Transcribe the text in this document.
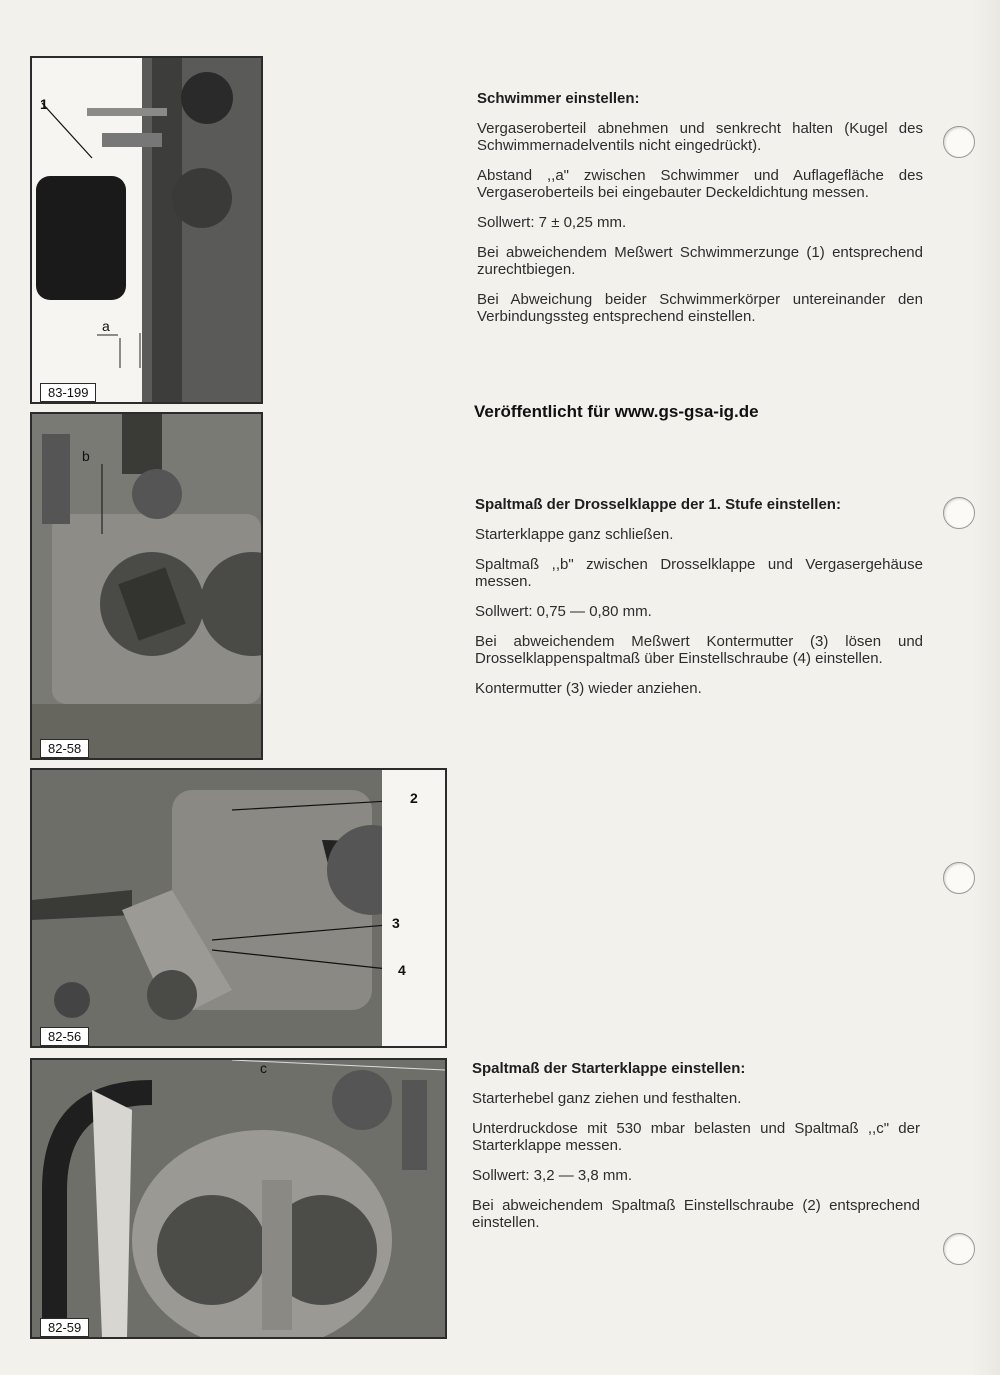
1
a
83-199
b
82-58
2
3
4
82-56
c
82-59
Schwimmer einstellen:

Vergaseroberteil abnehmen und senkrecht halten (Kugel des Schwimmernadelventils nicht eingedrückt).

Abstand ,,a" zwischen Schwimmer und Auflagefläche des Vergaseroberteils bei eingebauter Deckeldichtung messen.

Sollwert: 7 ± 0,25 mm.

Bei abweichendem Meßwert Schwimmerzunge (1) entsprechend zurechtbiegen.

Bei Abweichung beider Schwimmerkörper untereinander den Verbindungssteg entsprechend einstellen.

Veröffentlicht für www.gs-gsa-ig.de
Spaltmaß der Drosselklappe der 1. Stufe einstellen:

Starterklappe ganz schließen.

Spaltmaß ,,b" zwischen Drosselklappe und Vergasergehäuse messen.

Sollwert: 0,75 — 0,80 mm.

Bei abweichendem Meßwert Kontermutter (3) lösen und Drosselklappenspaltmaß über Einstellschraube (4) einstellen.

Kontermutter (3) wieder anziehen.

Spaltmaß der Starterklappe einstellen:

Starterhebel ganz ziehen und festhalten.

Unterdruckdose mit 530 mbar belasten und Spaltmaß ,,c" der Starterklappe messen.

Sollwert: 3,2 — 3,8 mm.

Bei abweichendem Spaltmaß Einstellschraube (2) entsprechend einstellen.
